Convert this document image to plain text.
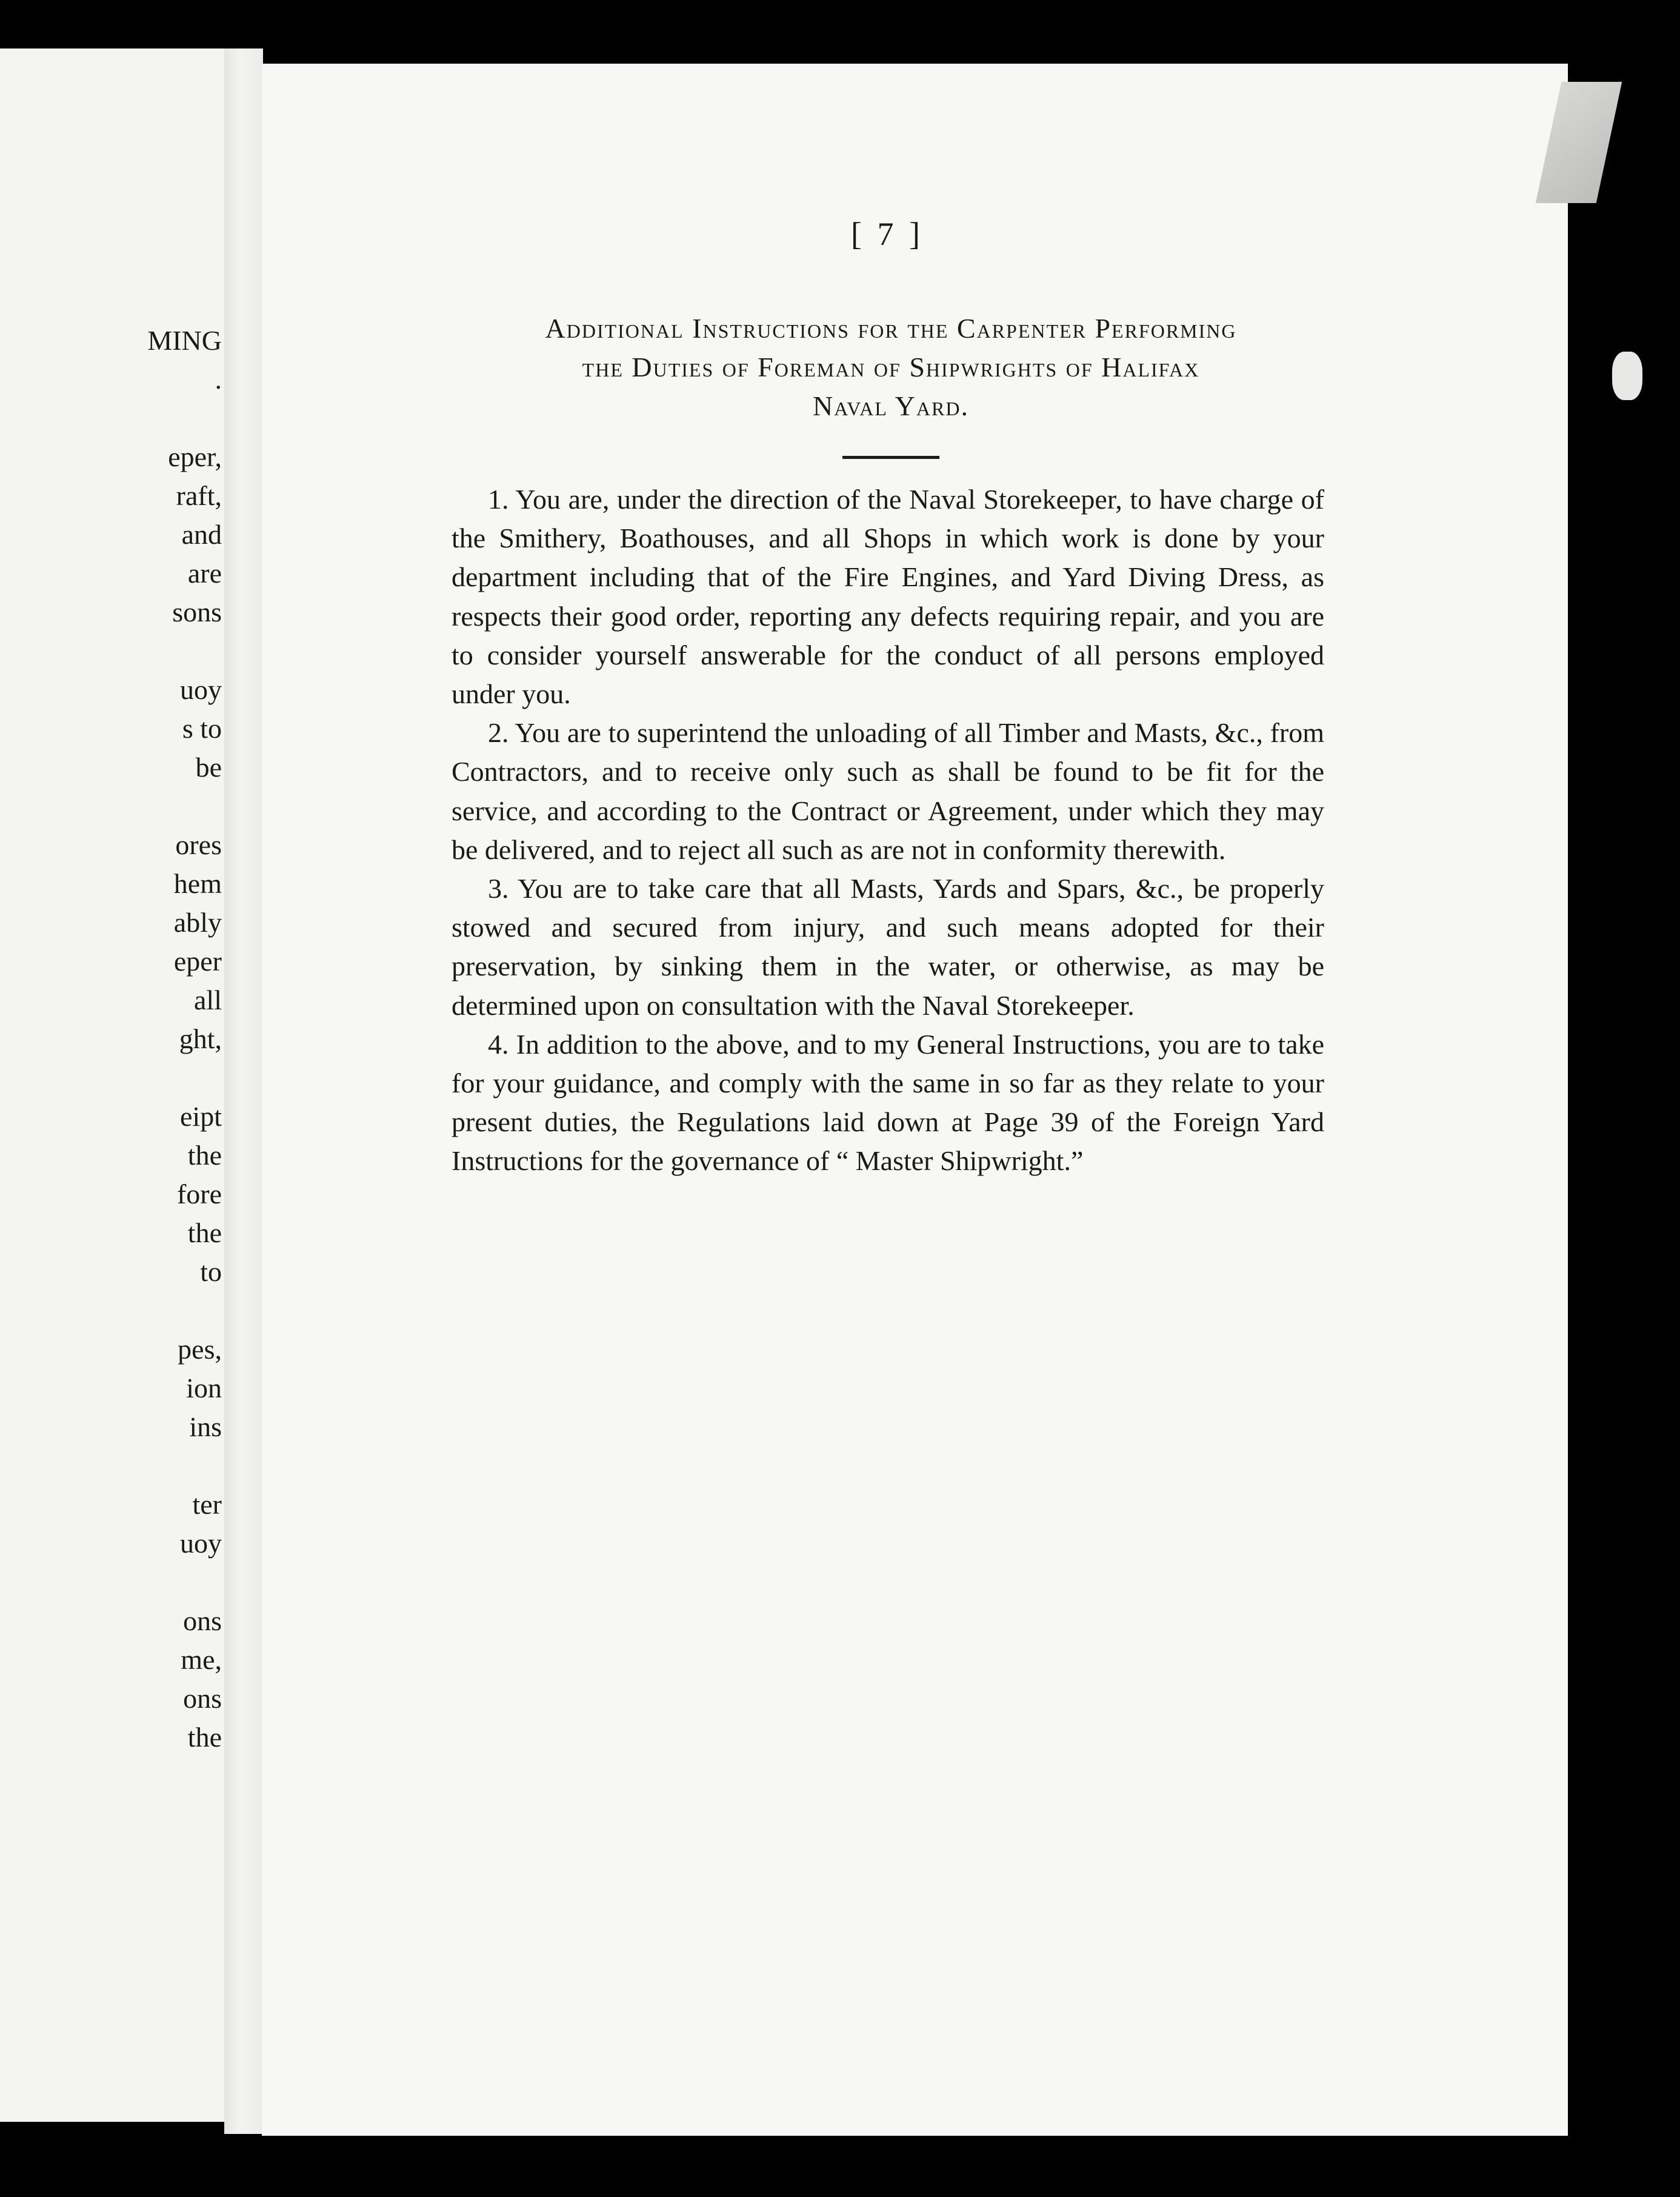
MING
.
eper,
raft,
and
are
sons
uoy
s to
be
ores
hem
ably
eper
all
ght,
eipt
the
fore
the
to
pes,
ion
ins
ter
uoy
ons
me,
ons
the
[ 7 ]
Additional Instructions for the Carpenter Performing
the Duties of Foreman of Shipwrights of Halifax
Naval Yard.

1. You are, under the direction of the Naval Storekeeper, to have charge of the Smithery, Boathouses, and all Shops in which work is done by your department including that of the Fire Engines, and Yard Diving Dress, as respects their good order, reporting any defects requiring repair, and you are to consider yourself answerable for the conduct of all persons employed under you.

2. You are to superintend the unloading of all Timber and Masts, &c., from Contractors, and to receive only such as shall be found to be fit for the service, and according to the Contract or Agreement, under which they may be delivered, and to reject all such as are not in conformity therewith.

3. You are to take care that all Masts, Yards and Spars, &c., be properly stowed and secured from injury, and such means adopted for their preservation, by sinking them in the water, or otherwise, as may be determined upon on consultation with the Naval Storekeeper.

4. In addition to the above, and to my General Instructions, you are to take for your guidance, and comply with the same in so far as they relate to your present duties, the Regulations laid down at Page 39 of the Foreign Yard Instructions for the governance of “ Master Shipwright.”
